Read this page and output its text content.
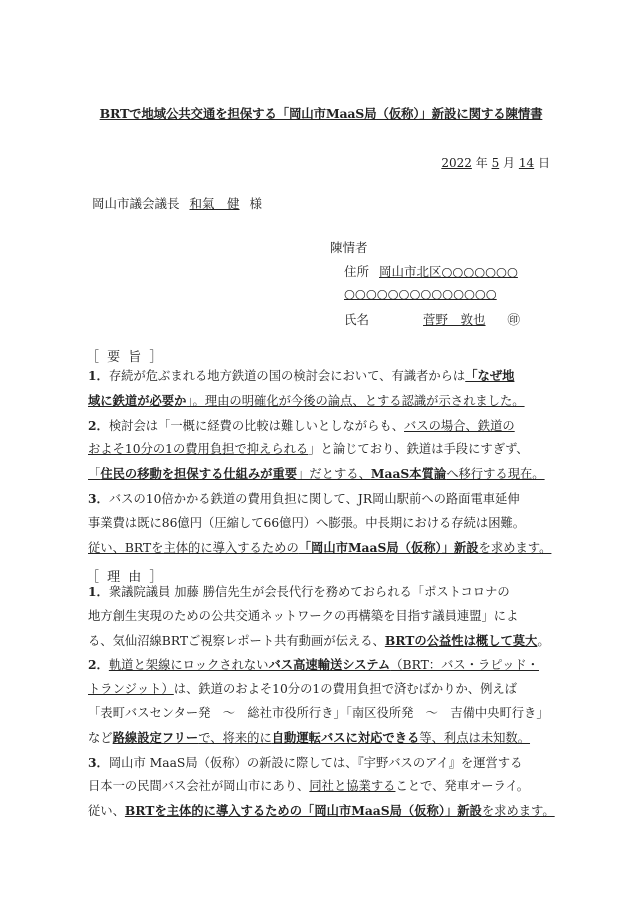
BRTで地域公共交通を担保する「岡山市MaaS局（仮称）」新設に関する陳情書
2022 年 5 月 14 日
岡山市議会議長 和氣　健 様
陳情者
住所 岡山市北区○○○○○○○
○○○○○○○○○○○○○○
氏名	菅野　敦也 ㊞
［ 要 旨 ］
1．存続が危ぶまれる地方鉄道の国の検討会において、有識者からは「なぜ地
域に鉄道が必要か」。理由の明確化が今後の論点、とする認識が示されました。
2．検討会は「一概に経費の比較は難しいとしながらも、バスの場合、鉄道の
およそ10分の1の費用負担で抑えられる」と論じており、鉄道は手段にすぎず、
「住民の移動を担保する仕組みが重要」だとする、MaaS本質論へ移行する現在。
3．バスの10倍かかる鉄道の費用負担に関して、JR岡山駅前への路面電車延伸
事業費は既に86億円（圧縮して66億円）へ膨張。中長期における存続は困難。
従い、BRTを主体的に導入するための「岡山市MaaS局（仮称）」新設を求めます。
［ 理 由 ］
1．衆議院議員 加藤 勝信先生が会長代行を務めておられる「ポストコロナの
地方創生実現のための公共交通ネットワークの再構築を目指す議員連盟」によ
る、気仙沼線BRTご視察レポート共有動画が伝える、BRTの公益性は概して莫大。
2．軌道と架線にロックされないバス高速輸送システム（BRT：バス・ラピッド・
トランジット）は、鉄道のおよそ10分の1の費用負担で済むばかりか、例えば
「表町バスセンター発　～　総社市役所行き」「南区役所発　～　吉備中央町行き」
など路線設定フリーで、将来的に自動運転バスに対応できる等、利点は未知数。
3．岡山市 MaaS局（仮称）の新設に際しては、『宇野バスのアイ』を運営する
日本一の民間バス会社が岡山市にあり、同社と協業することで、発車オーライ。
従い、BRTを主体的に導入するための「岡山市MaaS局（仮称）」新設を求めます。
